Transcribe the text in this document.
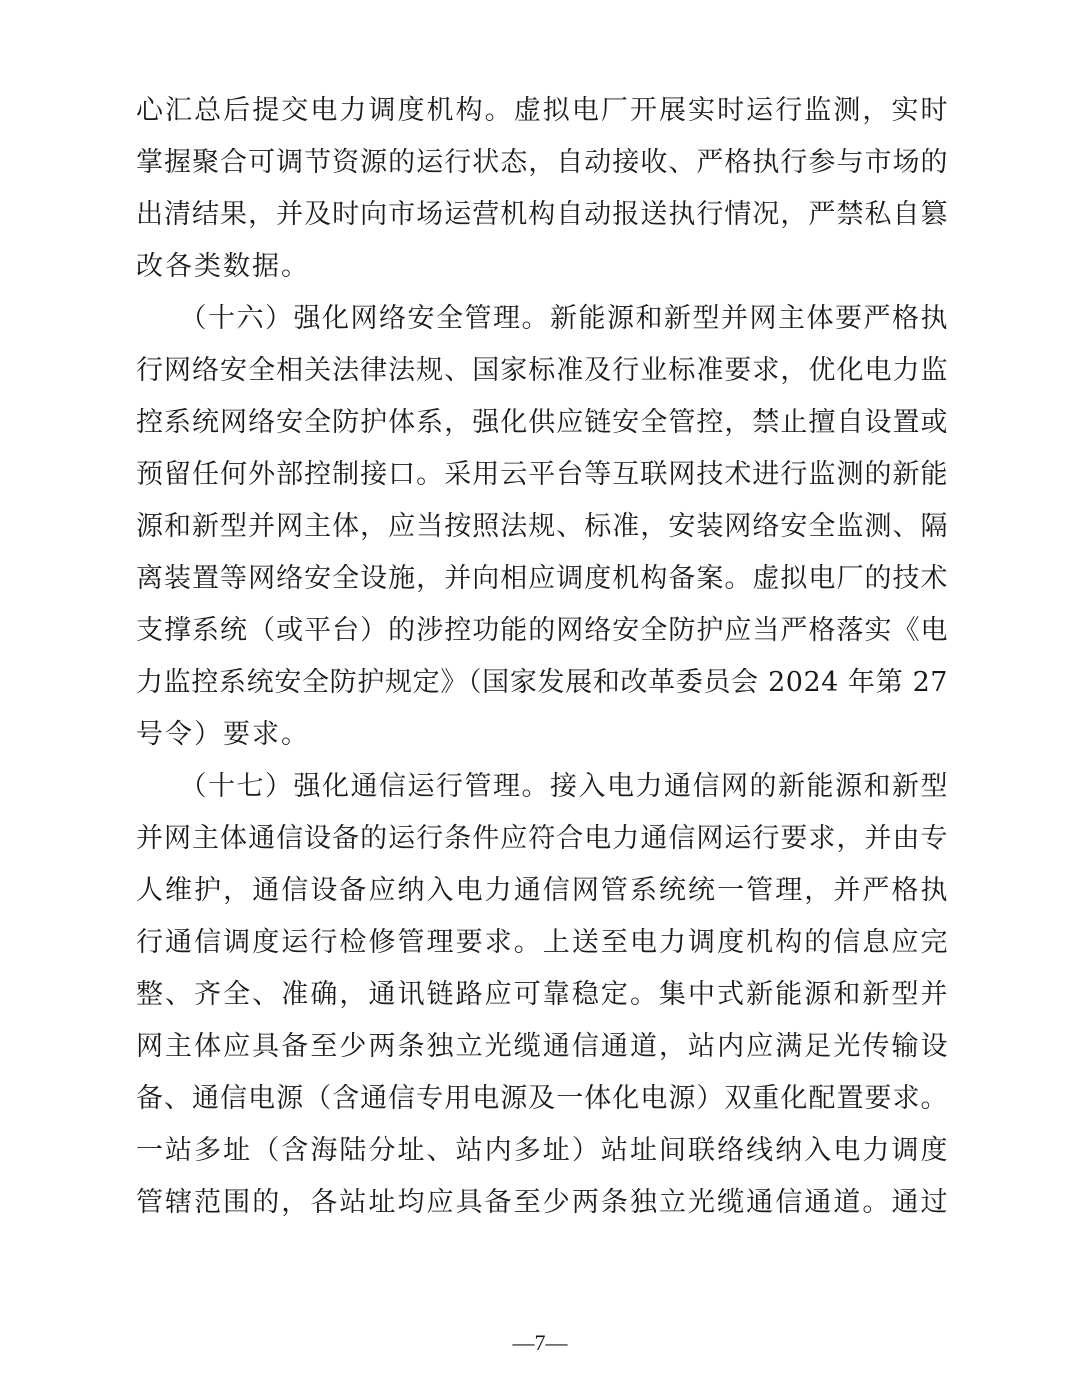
心汇总后提交电力调度机构。虚拟电厂开展实时运行监测，实时
掌握聚合可调节资源的运行状态，自动接收、严格执行参与市场的
出清结果，并及时向市场运营机构自动报送执行情况，严禁私自篡
改各类数据。
　　（十六）强化网络安全管理。新能源和新型并网主体要严格执
行网络安全相关法律法规、国家标准及行业标准要求，优化电力监
控系统网络安全防护体系，强化供应链安全管控，禁止擅自设置或
预留任何外部控制接口。采用云平台等互联网技术进行监测的新能
源和新型并网主体，应当按照法规、标准，安装网络安全监测、隔
离装置等网络安全设施，并向相应调度机构备案。虚拟电厂的技术
支撑系统（或平台）的涉控功能的网络安全防护应当严格落实《电
力监控系统安全防护规定》（国家发展和改革委员会 2024 年第 27
号令）要求。
　　（十七）强化通信运行管理。接入电力通信网的新能源和新型
并网主体通信设备的运行条件应符合电力通信网运行要求，并由专
人维护，通信设备应纳入电力通信网管系统统一管理，并严格执
行通信调度运行检修管理要求。上送至电力调度机构的信息应完
整、齐全、准确，通讯链路应可靠稳定。集中式新能源和新型并
网主体应具备至少两条独立光缆通信通道，站内应满足光传输设
备、通信电源（含通信专用电源及一体化电源）双重化配置要求。
一站多址（含海陆分址、站内多址）站址间联络线纳入电力调度
管辖范围的，各站址均应具备至少两条独立光缆通信通道。通过
—7—
